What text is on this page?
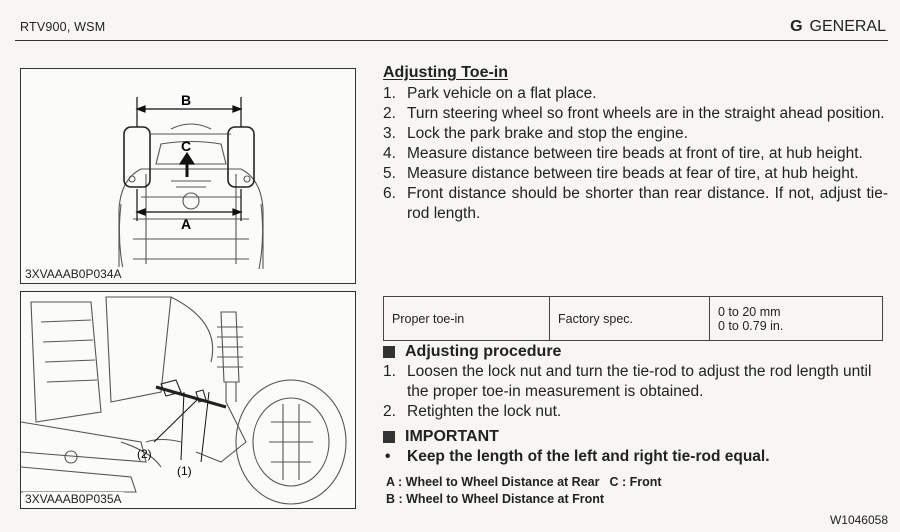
RTV900, WSM	G GENERAL
B
A
C
3XVAAAB0P034A
(2)
(1)
3XVAAAB0P035A
Adjusting Toe-in
1. Park vehicle on a flat place.
2. Turn steering wheel so front wheels are in the straight ahead position.
3. Lock the park brake and stop the engine.
4. Measure distance between tire beads at front of tire, at hub height.
5. Measure distance between tire beads at fear of tire, at hub height.
6. Front distance should be shorter than rear distance. If not, adjust tie-rod length.
Proper toe-in	Factory spec.	0 to 20 mm
0 to 0.79 in.
Adjusting procedure
1. Loosen the lock nut and turn the tie-rod to adjust the rod length until the proper toe-in measurement is obtained.
2. Retighten the lock nut.
IMPORTANT
•	Keep the length of the left and right tie-rod equal.
A : Wheel to Wheel Distance at Rear C : Front
B : Wheel to Wheel Distance at Front
W1046058
